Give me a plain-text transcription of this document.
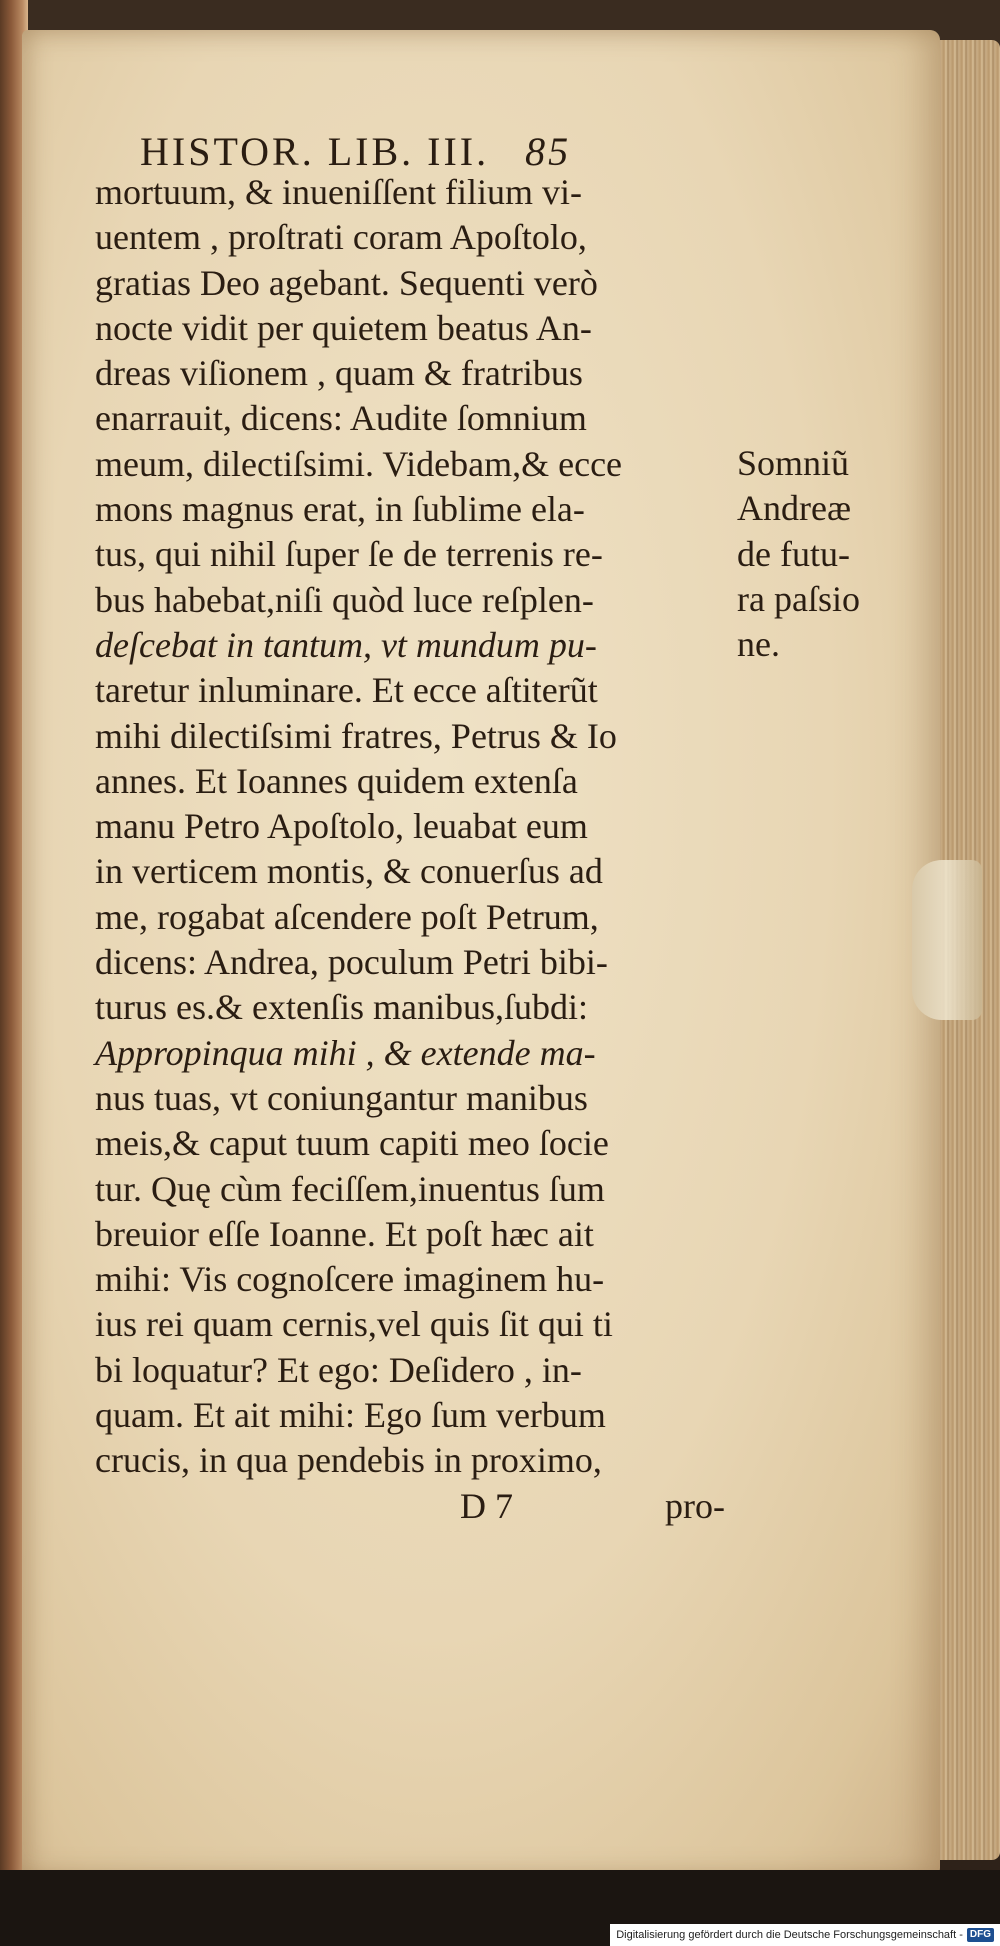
HISTOR. LIB. III. 85
mortuum, & inueniſſent filium vi-
uentem , proſtrati coram Apoſtolo,
gratias Deo agebant. Sequenti verò
nocte vidit per quietem beatus An-
dreas viſionem , quam & fratribus
enarrauit, dicens: Audite ſomnium
meum, dilectiſsimi. Videbam,& ecce
mons magnus erat, in ſublime ela-
tus, qui nihil ſuper ſe de terrenis re-
bus habebat,niſi quòd luce reſplen-
deſcebat in tantum, vt mundum pu-
taretur inluminare. Et ecce aſtiterũt
mihi dilectiſsimi fratres, Petrus & Io
annes. Et Ioannes quidem extenſa
manu Petro Apoſtolo, leuabat eum
in verticem montis, & conuerſus ad
me, rogabat aſcendere poſt Petrum,
dicens: Andrea, poculum Petri bibi-
turus es.& extenſis manibus,ſubdi:
Appropinqua mihi , & extende ma-
nus tuas, vt coniungantur manibus
meis,& caput tuum capiti meo ſocie
tur. Quę cùm feciſſem,inuentus ſum
breuior eſſe Ioanne. Et poſt hæc ait
mihi: Vis cognoſcere imaginem hu-
ius rei quam cernis,vel quis ſit qui ti
bi loquatur? Et ego: Deſidero , in-
quam. Et ait mihi: Ego ſum verbum
crucis, in qua pendebis in proximo,
Somniũ
Andreæ
de futu-
ra paſsio
ne.
D 7	pro-
Digitalisierung gefördert durch die Deutsche Forschungsgemeinschaft - DFG
